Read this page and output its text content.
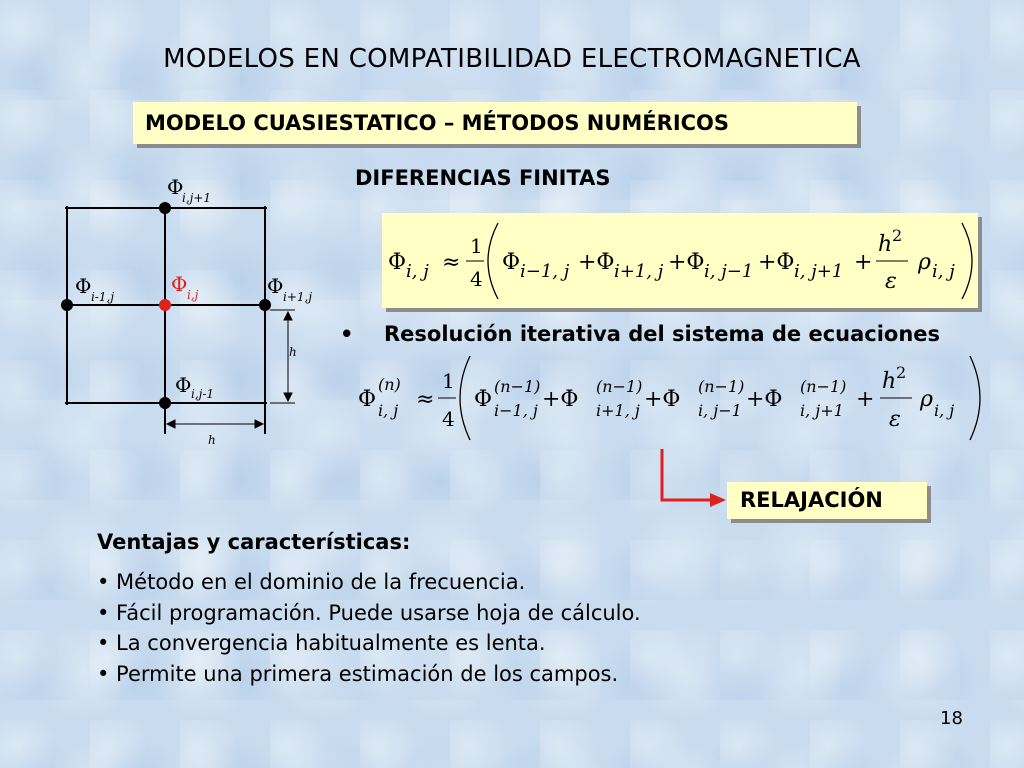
MODELOS EN COMPATIBILIDAD ELECTROMAGNETICA
MODELO CUASIESTATICO – MÉTODOS NUMÉRICOS
DIFERENCIAS FINITAS
Φ
i,j+1
Φ i-1,j
Φ i,j	Φ i+1,j
Φ i,j-1
h
h
Φ i, j ≈
1
4
Φ i−1, j +Φ i+1, j +Φ i, j−1 +Φ i, j+1 +
h 2
ε
ρ i, j
• Resolución iterativa del sistema de ecuaciones
Φ
(n)
i, j ≈
1
4
Φ
(n−1)
i−1, j +Φ
(n−1)
i+1, j +Φ
(n−1)
i, j−1 +Φ
(n−1)
i, j+1 +
h 2
ε
ρ i, j
RELAJACIÓN
Ventajas y características:
• Método en el dominio de la frecuencia.
• Fácil programación. Puede usarse hoja de cálculo.
• La convergencia habitualmente es lenta.
• Permite una primera estimación de los campos.
18
